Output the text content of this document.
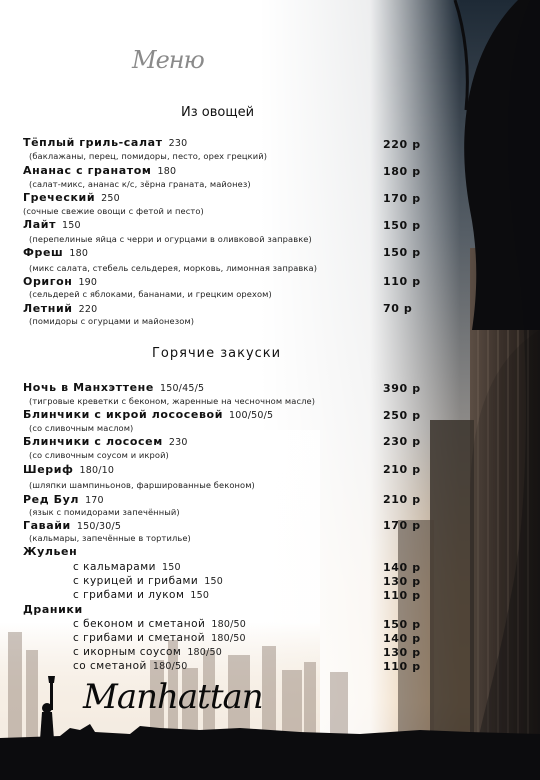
Меню
Из овощей
Тёплый гриль-салат 230	220 р
(баклажаны, перец, помидоры, песто, орех грецкий)
Ананас с гранатом 180	180 р
(салат-микс, ананас к/с, зёрна граната, майонез)
Греческий 250	170 р
(сочные свежие овощи с фетой и песто)
Лайт 150	150 р
(перепелиные яйца с черри и огурцами в оливковой заправке)
Фреш 180	150 р
(микс салата, стебель сельдерея, морковь, лимонная заправка)
Оригон 190	110 р
(сельдерей с яблоками, бананами, и грецким орехом)
Летний 220	70 р
(помидоры с огурцами и майонезом)
Горячие закуски
Ночь в Манхэттене 150/45/5	390 р
(тигровые креветки с беконом, жаренные на чесночном масле)
Блинчики с икрой лососевой 100/50/5	250 р
(со сливочным маслом)
Блинчики с лососем 230	230 р
(со сливочным соусом и икрой)
Шериф 180/10	210 р
(шляпки шампиньонов, фаршированные беконом)
Ред Бул 170	210 р
(язык с помидорами запечённый)
Гавайи 150/30/5	170 р
(кальмары, запечённые в тортилье)
Жульен
с кальмарами 150	140 р
с курицей и грибами 150	130 р
с грибами и луком 150	110 р
Драники
с беконом и сметаной 180/50	150 р
с грибами и сметаной 180/50	140 р
с икорным соусом 180/50	130 р
со сметаной 180/50	110 р
Manhattan
